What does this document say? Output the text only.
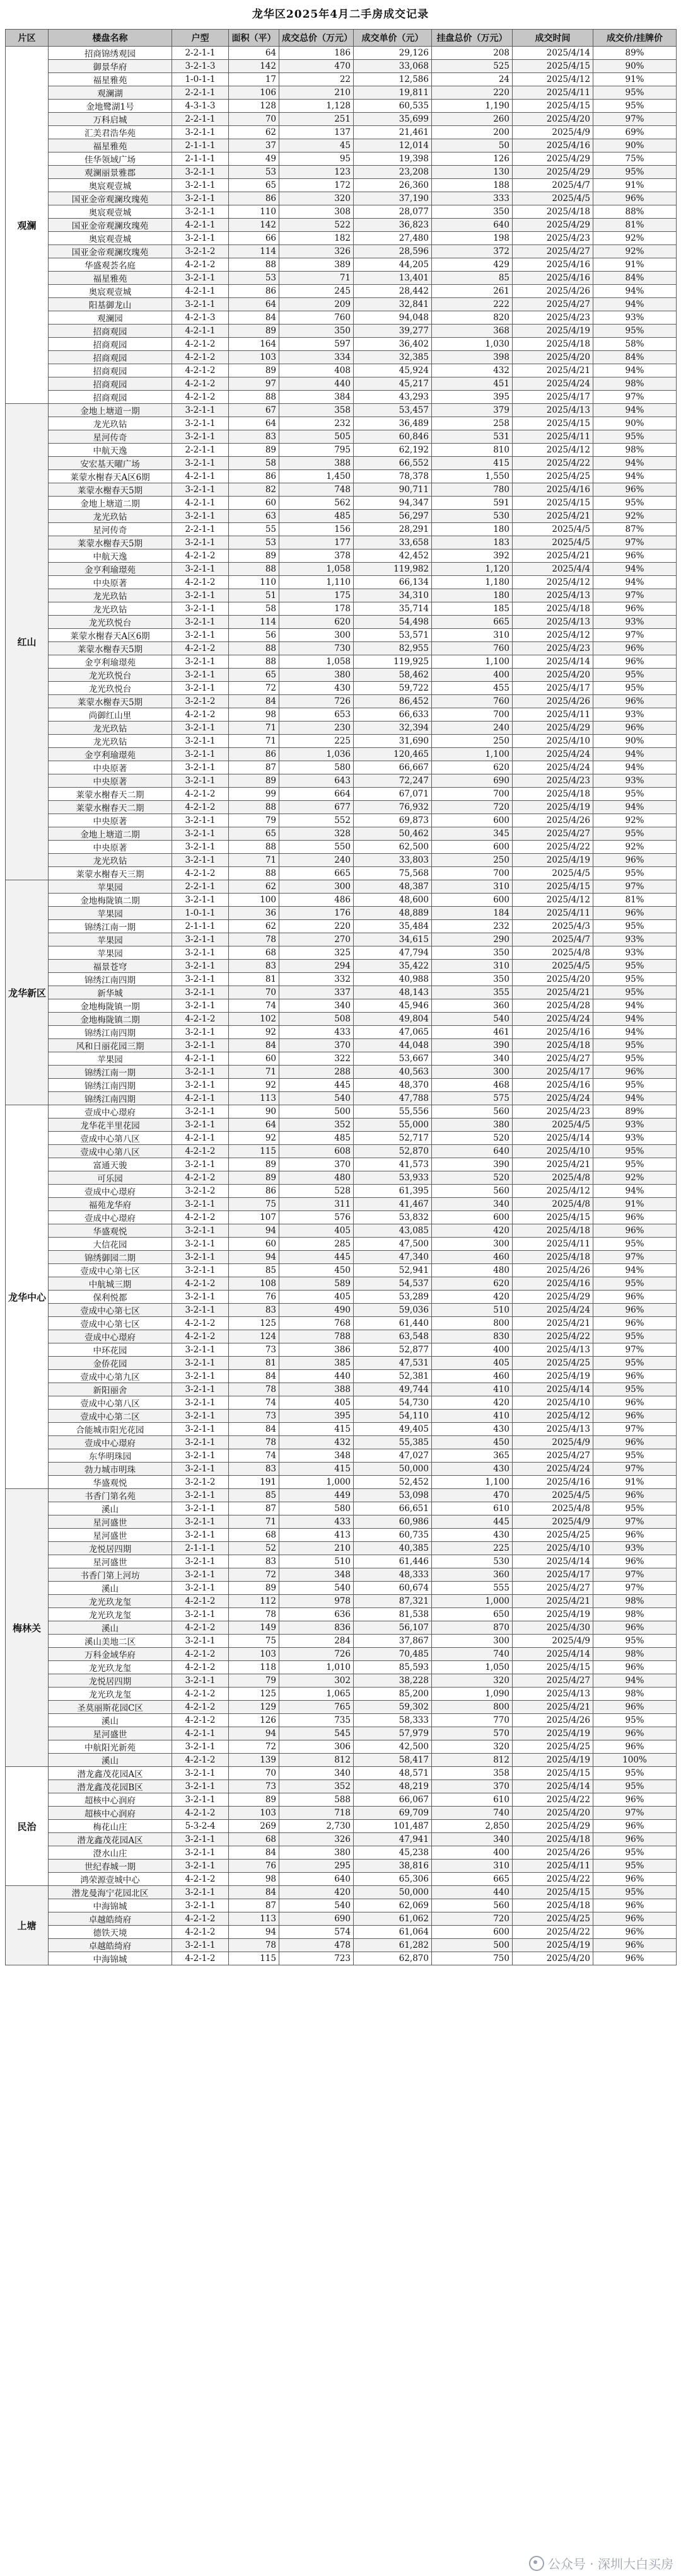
龙华区2025年4月二手房成交记录
片区	楼盘名称	户型	面积（平）	成交总价（万元）	成交单价（元）	挂盘总价（万元）	成交时间	成交价/挂牌价
观澜	招商锦绣观园	2-2-1-1	64	186	29,126	208	2025/4/14	89%
	御景华府	3-2-1-3	142	470	33,068	525	2025/4/15	90%
	福星雅苑	1-0-1-1	17	22	12,586	24	2025/4/12	91%
	观澜湖	2-2-1-1	106	210	19,811	220	2025/4/11	95%
	金地鹭湖1号	4-3-1-3	128	1,128	60,535	1,190	2025/4/15	95%
	万科启城	2-2-1-1	70	251	35,699	260	2025/4/20	97%
	汇美君浩华苑	3-2-1-1	62	137	21,461	200	2025/4/9	69%
	福星雅苑	2-1-1-1	37	45	12,014	50	2025/4/16	90%
	佳华领域广场	2-1-1-1	49	95	19,398	126	2025/4/29	75%
	观澜丽景雅郡	3-2-1-1	53	123	23,208	130	2025/4/29	95%
	奥宸观壹城	3-2-1-1	65	172	26,360	188	2025/4/7	91%
	国亚金帝观澜玫瑰苑	3-2-1-1	86	320	37,190	333	2025/4/5	96%
	奥宸观壹城	3-2-1-1	110	308	28,077	350	2025/4/18	88%
	国亚金帝观澜玫瑰苑	4-2-1-1	142	522	36,823	640	2025/4/29	81%
	奥宸观壹城	3-2-1-1	66	182	27,480	198	2025/4/23	92%
	国亚金帝观澜玫瑰苑	3-2-1-2	114	326	28,596	372	2025/4/27	92%
	华盛观荟名庭	4-2-1-2	88	389	44,205	429	2025/4/16	91%
	福星雅苑	3-2-1-1	53	71	13,401	85	2025/4/16	84%
	奥宸观壹城	4-2-1-1	86	245	28,442	261	2025/4/26	94%
	阳基御龙山	3-2-1-1	64	209	32,841	222	2025/4/27	94%
	观澜园	4-2-1-3	84	760	94,048	820	2025/4/23	93%
	招商观园	4-2-1-1	89	350	39,277	368	2025/4/19	95%
	招商观园	4-2-1-2	164	597	36,402	1,030	2025/4/18	58%
	招商观园	4-2-1-2	103	334	32,385	398	2025/4/20	84%
	招商观园	4-2-1-2	89	408	45,924	432	2025/4/21	94%
	招商观园	4-2-1-2	97	440	45,217	451	2025/4/24	98%
	招商观园	4-2-1-2	88	384	43,293	395	2025/4/17	97%
红山	金地上塘道一期	3-2-1-1	67	358	53,457	379	2025/4/13	94%
	龙光玖钻	3-2-1-1	64	232	36,489	258	2025/4/15	90%
	星河传奇	3-2-1-1	83	505	60,846	531	2025/4/11	95%
	中航天逸	2-2-1-1	89	795	62,192	810	2025/4/12	98%
	安宏基天曜广场	3-2-1-1	58	388	66,552	415	2025/4/22	94%
	莱蒙水榭春天A区6期	4-2-1-1	86	1,450	78,378	1,550	2025/4/25	94%
	莱蒙水榭春天5期	3-2-1-1	82	748	90,711	780	2025/4/16	96%
	金地上塘道二期	4-2-1-1	60	562	94,347	591	2025/4/15	95%
	龙光玖钻	3-2-1-1	63	485	56,297	530	2025/4/21	92%
	星河传奇	2-2-1-1	55	156	28,291	180	2025/4/5	87%
	莱蒙水榭春天5期	3-2-1-1	53	177	33,658	183	2025/4/5	97%
	中航天逸	4-2-1-2	89	378	42,452	392	2025/4/21	96%
	金亨利瑜璟苑	3-2-1-1	88	1,058	119,982	1,120	2025/4/4	94%
	中央原著	4-2-1-2	110	1,110	66,134	1,180	2025/4/12	94%
	龙光玖钻	3-2-1-1	51	175	34,310	180	2025/4/13	97%
	龙光玖钻	3-2-1-1	58	178	35,714	185	2025/4/18	96%
	龙光玖悦台	3-2-1-1	114	620	54,498	665	2025/4/13	93%
	莱蒙水榭春天A区6期	3-2-1-1	56	300	53,571	310	2025/4/12	97%
	莱蒙水榭春天5期	4-2-1-2	88	730	82,955	760	2025/4/23	96%
	金亨利瑜璟苑	3-2-1-1	88	1,058	119,925	1,100	2025/4/14	96%
	龙光玖悦台	3-2-1-1	65	380	58,462	400	2025/4/20	95%
	龙光玖悦台	3-2-1-1	72	430	59,722	455	2025/4/17	95%
	莱蒙水榭春天5期	3-2-1-2	84	726	86,452	760	2025/4/26	96%
	尚御红山里	4-2-1-2	98	653	66,633	700	2025/4/11	93%
	龙光玖钻	3-2-1-1	71	230	32,394	240	2025/4/29	96%
	龙光玖钻	3-2-1-1	71	225	31,690	250	2025/4/10	90%
	金亨利瑜璟苑	3-2-1-1	86	1,036	120,465	1,100	2025/4/24	94%
	中央原著	3-2-1-1	87	580	66,667	620	2025/4/24	94%
	中央原著	3-2-1-1	89	643	72,247	690	2025/4/23	93%
	莱蒙水榭春天二期	4-2-1-2	99	664	67,071	700	2025/4/18	95%
	莱蒙水榭春天二期	4-2-1-2	88	677	76,932	720	2025/4/19	94%
	中央原著	3-2-1-1	79	552	69,873	600	2025/4/26	92%
	金地上塘道二期	3-2-1-1	65	328	50,462	345	2025/4/27	95%
	中央原著	3-2-1-1	88	550	62,500	600	2025/4/22	92%
	龙光玖钻	3-2-1-1	71	240	33,803	250	2025/4/19	96%
	莱蒙水榭春天三期	4-2-1-2	88	665	75,568	700	2025/4/5	95%
龙华新区	苹果园	2-2-1-1	62	300	48,387	310	2025/4/15	97%
	金地梅陇镇二期	3-2-1-1	100	486	48,600	600	2025/4/12	81%
	苹果园	1-0-1-1	36	176	48,889	184	2025/4/11	96%
	锦绣江南一期	2-1-1-1	62	220	35,484	232	2025/4/3	95%
	苹果园	3-2-1-1	78	270	34,615	290	2025/4/7	93%
	苹果园	3-2-1-1	68	325	47,794	350	2025/4/8	93%
	福景苍穹	3-2-1-1	83	294	35,422	310	2025/4/5	95%
	锦绣江南四期	3-2-1-1	81	332	40,988	350	2025/4/20	95%
	新华城	3-2-1-1	70	337	48,143	355	2025/4/21	95%
	金地梅陇镇一期	3-2-1-1	74	340	45,946	360	2025/4/28	94%
	金地梅陇镇二期	4-2-1-2	102	508	49,804	540	2025/4/24	94%
	锦绣江南四期	3-2-1-1	92	433	47,065	461	2025/4/16	94%
	风和日丽花园三期	3-2-1-1	84	370	44,048	390	2025/4/18	95%
	苹果园	4-2-1-1	60	322	53,667	340	2025/4/27	95%
	锦绣江南一期	3-2-1-1	71	288	40,563	300	2025/4/17	96%
	锦绣江南四期	3-2-1-1	92	445	48,370	468	2025/4/16	95%
	锦绣江南四期	4-2-1-1	113	540	47,788	575	2025/4/24	94%
龙华中心	壹成中心璟府	3-2-1-1	90	500	55,556	560	2025/4/23	89%
	龙华花半里花园	3-2-1-1	64	352	55,000	380	2025/4/5	93%
	壹成中心第八区	4-2-1-1	92	485	52,717	520	2025/4/14	93%
	壹成中心第八区	4-2-1-2	115	608	52,870	640	2025/4/10	95%
	富通天骏	3-2-1-1	89	370	41,573	390	2025/4/21	95%
	可乐园	4-2-1-2	89	480	53,933	520	2025/4/8	92%
	壹成中心璟府	3-2-1-2	86	528	61,395	560	2025/4/12	94%
	福苑龙华府	3-2-1-1	75	311	41,467	340	2025/4/8	91%
	壹成中心璟府	4-2-1-2	107	576	53,832	600	2025/4/15	96%
	华盛观悦	3-2-1-1	94	405	43,085	420	2025/4/18	96%
	大信花园	3-2-1-1	60	285	47,500	300	2025/4/11	95%
	锦绣御园二期	3-2-1-1	94	445	47,340	460	2025/4/18	97%
	壹成中心第七区	3-2-1-1	85	450	52,941	480	2025/4/26	94%
	中航城三期	4-2-1-2	108	589	54,537	620	2025/4/16	95%
	保利悦都	3-2-1-1	76	405	53,289	420	2025/4/29	96%
	壹成中心第七区	3-2-1-1	83	490	59,036	510	2025/4/24	96%
	壹成中心第七区	4-2-1-2	125	768	61,440	800	2025/4/21	96%
	壹成中心璟府	4-2-1-2	124	788	63,548	830	2025/4/22	95%
	中环花园	3-2-1-1	73	386	52,877	400	2025/4/13	97%
	金侨花园	3-2-1-1	81	385	47,531	405	2025/4/25	95%
	壹成中心第九区	3-2-1-1	84	440	52,381	460	2025/4/19	96%
	新阳丽舍	3-2-1-1	78	388	49,744	410	2025/4/14	95%
	壹成中心第八区	3-2-1-1	74	405	54,730	420	2025/4/10	96%
	壹成中心第二区	3-2-1-1	73	395	54,110	410	2025/4/12	96%
	合能城市阳光花园	3-2-1-1	84	415	49,405	430	2025/4/13	97%
	壹成中心璟府	3-2-1-1	78	432	55,385	450	2025/4/9	96%
	东华明珠园	3-2-1-1	74	348	47,027	365	2025/4/27	95%
	勃力城市明珠	3-2-1-1	83	415	50,000	430	2025/4/24	97%
	华盛观悦	3-2-1-2	191	1,000	52,452	1,100	2025/4/16	91%
梅林关	书香门第名苑	3-2-1-1	85	449	53,098	470	2025/4/5	96%
	溪山	3-2-1-1	87	580	66,651	610	2025/4/8	95%
	星河盛世	3-2-1-1	71	433	60,986	445	2025/4/9	97%
	星河盛世	3-2-1-1	68	413	60,735	430	2025/4/25	96%
	龙悦居四期	2-1-1-1	52	210	40,385	225	2025/4/10	93%
	星河盛世	3-2-1-1	83	510	61,446	530	2025/4/14	96%
	书香门第上河坊	3-2-1-1	72	348	48,333	360	2025/4/17	97%
	溪山	3-2-1-1	89	540	60,674	555	2025/4/27	97%
	龙光玖龙玺	4-2-1-2	112	978	87,321	1,000	2025/4/21	98%
	龙光玖龙玺	3-2-1-1	78	636	81,538	650	2025/4/19	98%
	溪山	4-2-1-2	149	836	56,107	870	2025/4/30	96%
	溪山美地二区	3-2-1-1	75	284	37,867	300	2025/4/9	95%
	万科金域华府	4-2-1-2	103	726	70,485	740	2025/4/14	98%
	龙光玖龙玺	4-2-1-2	118	1,010	85,593	1,050	2025/4/15	96%
	龙悦居四期	3-2-1-1	79	302	38,228	320	2025/4/27	94%
	龙光玖龙玺	4-2-1-2	125	1,065	85,200	1,090	2025/4/13	98%
	圣莫丽斯花园C区	4-2-1-2	129	765	59,302	800	2025/4/21	96%
	溪山	4-2-1-2	126	735	58,333	770	2025/4/26	95%
	星河盛世	4-2-1-1	94	545	57,979	570	2025/4/19	96%
	中航阳光新苑	3-2-1-1	72	306	42,500	320	2025/4/25	96%
	溪山	4-2-1-2	139	812	58,417	812	2025/4/19	100%
民治	潜龙鑫茂花园A区	3-2-1-1	70	340	48,571	358	2025/4/15	95%
	潜龙鑫茂花园B区	3-2-1-1	73	352	48,219	370	2025/4/14	95%
	超核中心润府	3-2-1-1	89	588	66,067	610	2025/4/22	96%
	超核中心润府	4-2-1-2	103	718	69,709	740	2025/4/20	97%
	梅花山庄	5-3-2-4	269	2,730	101,487	2,850	2025/4/29	96%
	潜龙鑫茂花园A区	3-2-1-1	68	326	47,941	340	2025/4/18	96%
	澄水山庄	3-2-1-1	84	380	45,238	400	2025/4/26	95%
	世纪春城一期	3-2-1-1	76	295	38,816	310	2025/4/11	95%
	鸿荣源壹城中心	4-2-1-2	98	640	65,306	665	2025/4/22	96%
上塘	潜龙曼海宁花园北区	3-2-1-1	84	420	50,000	440	2025/4/15	95%
	中海锦城	3-2-1-1	87	540	62,069	560	2025/4/18	96%
	卓越皓绮府	4-2-1-2	113	690	61,062	720	2025/4/25	96%
	德铁天境	4-2-1-2	94	574	61,064	600	2025/4/22	96%
	卓越皓绮府	3-2-1-1	78	478	61,282	500	2025/4/19	96%
	中海锦城	4-2-1-2	115	723	62,870	750	2025/4/20	96%
公众号 · 深圳大白买房
